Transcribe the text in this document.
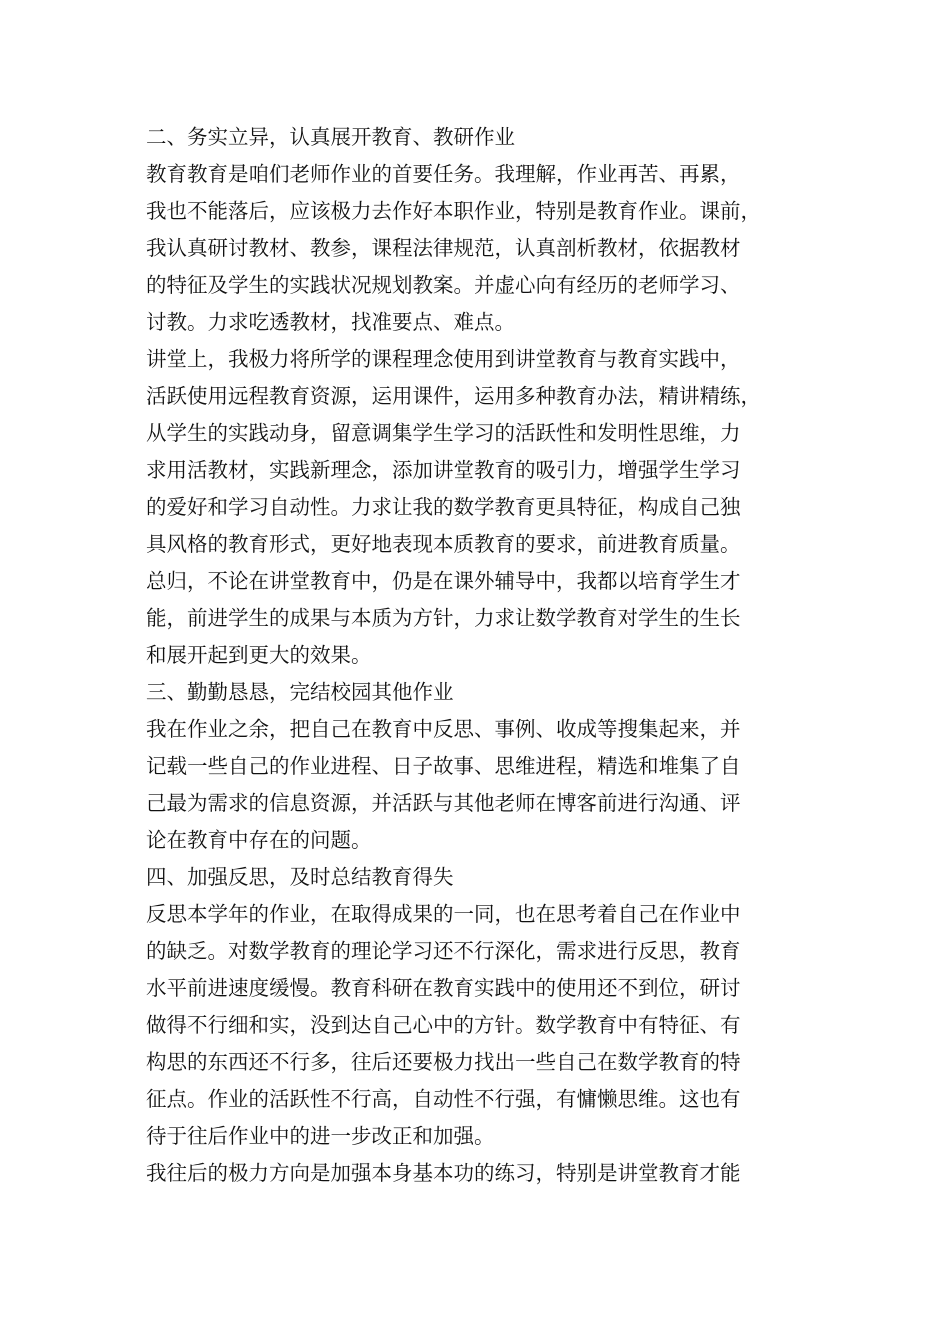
二、务实立异，认真展开教育、教研作业
教育教育是咱们老师作业的首要任务。我理解，作业再苦、再累，
我也不能落后，应该极力去作好本职作业，特别是教育作业。课前，
我认真研讨教材、教参，课程法律规范，认真剖析教材，依据教材
的特征及学生的实践状况规划教案。并虚心向有经历的老师学习、
讨教。力求吃透教材，找准要点、难点。
讲堂上，我极力将所学的课程理念使用到讲堂教育与教育实践中，
活跃使用远程教育资源，运用课件，运用多种教育办法，精讲精练，
从学生的实践动身，留意调集学生学习的活跃性和发明性思维，力
求用活教材，实践新理念，添加讲堂教育的吸引力，增强学生学习
的爱好和学习自动性。力求让我的数学教育更具特征，构成自己独
具风格的教育形式，更好地表现本质教育的要求，前进教育质量。
总归，不论在讲堂教育中，仍是在课外辅导中，我都以培育学生才
能，前进学生的成果与本质为方针，力求让数学教育对学生的生长
和展开起到更大的效果。
三、勤勤恳恳，完结校园其他作业
我在作业之余，把自己在教育中反思、事例、收成等搜集起来，并
记载一些自己的作业进程、日子故事、思维进程，精选和堆集了自
己最为需求的信息资源，并活跃与其他老师在博客前进行沟通、评
论在教育中存在的问题。
四、加强反思，及时总结教育得失
反思本学年的作业，在取得成果的一同，也在思考着自己在作业中
的缺乏。对数学教育的理论学习还不行深化，需求进行反思，教育
水平前进速度缓慢。教育科研在教育实践中的使用还不到位，研讨
做得不行细和实，没到达自己心中的方针。数学教育中有特征、有
构思的东西还不行多，往后还要极力找出一些自己在数学教育的特
征点。作业的活跃性不行高，自动性不行强，有慵懒思维。这也有
待于往后作业中的进一步改正和加强。
我往后的极力方向是加强本身基本功的练习，特别是讲堂教育才能
